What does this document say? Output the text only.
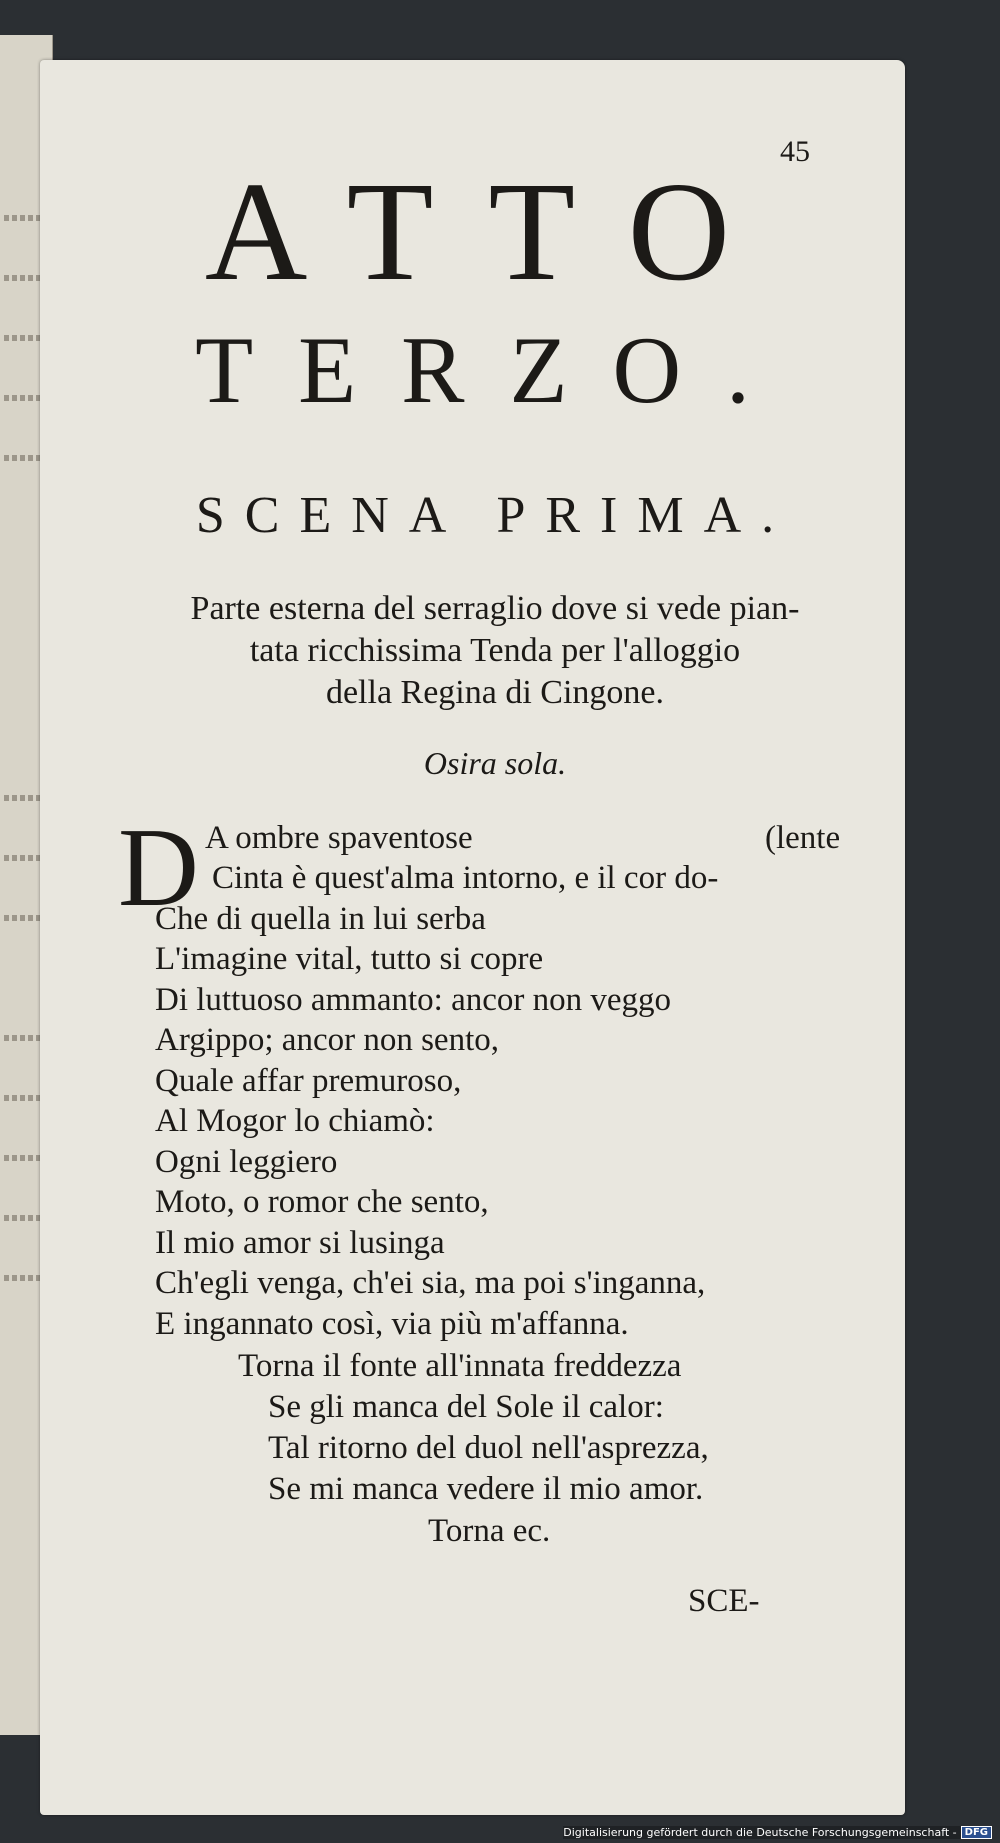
45
ATTO
TERZO.
SCENA PRIMA.
Parte esterna del serraglio dove si vede pian-
tata ricchissima Tenda per l'alloggio
della Regina di Cingone.
Osira sola.
D A ombre spaventose	(lente
Cinta è quest'alma intorno, e il cor do-
Che di quella in lui serba
L'imagine vital, tutto si copre
Di luttuoso ammanto: ancor non veggo
Argippo; ancor non sento,
Quale affar premuroso,
Al Mogor lo chiamò:
Ogni leggiero
Moto, o romor che sento,
Il mio amor si lusinga
Ch'egli venga, ch'ei sia, ma poi s'inganna,
E ingannato così, via più m'affanna.
Torna il fonte all'innata freddezza
Se gli manca del Sole il calor:
Tal ritorno del duol nell'asprezza,
Se mi manca vedere il mio amor.
Torna ec.
SCE-
Digitalisierung gefördert durch die Deutsche Forschungsgemeinschaft - DFG
